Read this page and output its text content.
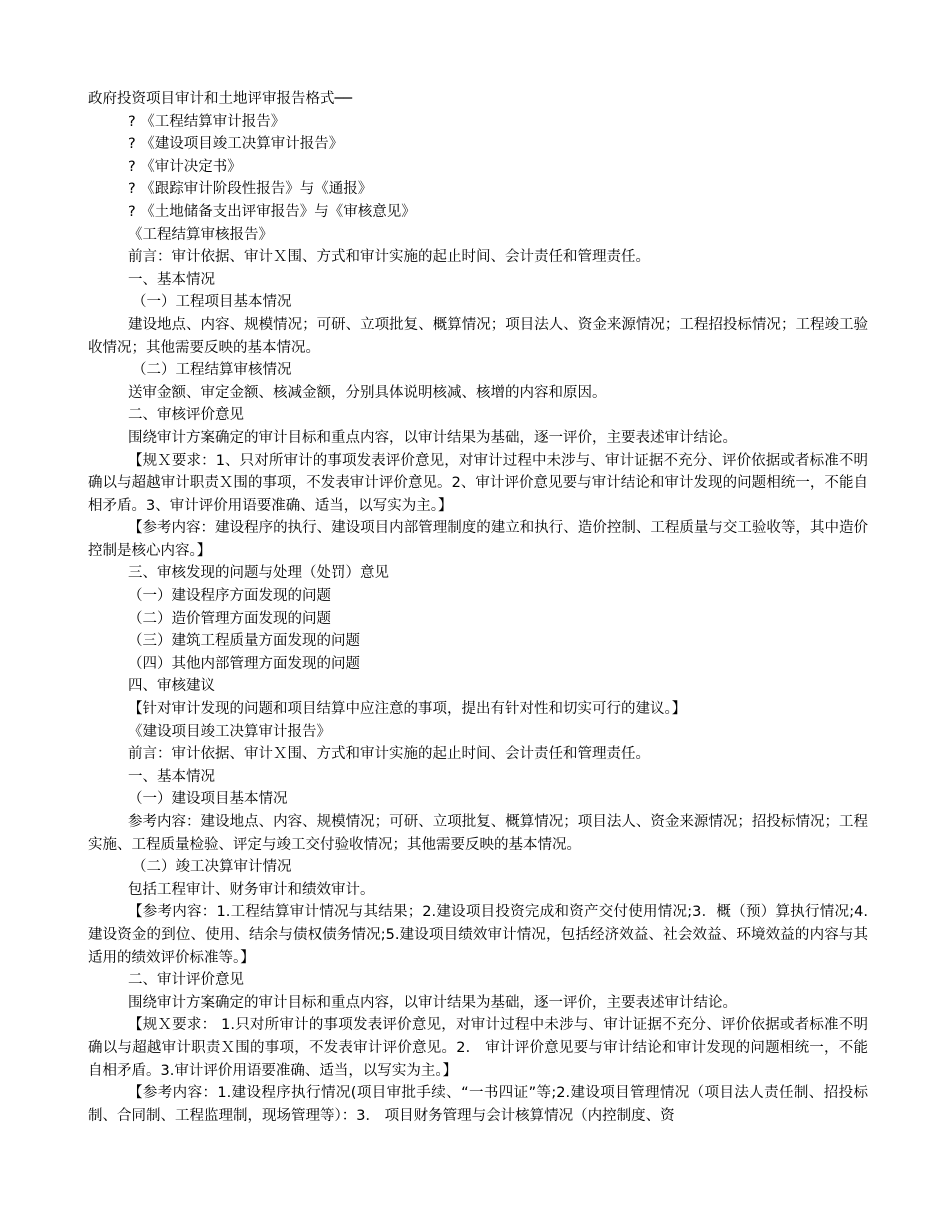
政府投资项目审计和土地评审报告格式──
? 《工程结算审计报告》
? 《建设项目竣工决算审计报告》
? 《审计决定书》
? 《跟踪审计阶段性报告》与《通报》
? 《土地储备支出评审报告》与《审核意见》
《工程结算审核报告》
前言：审计依据、审计Ｘ围、方式和审计实施的起止时间、会计责任和管理责任。
一、基本情况
（一）工程项目基本情况
建设地点、内容、规模情况；可研、立项批复、概算情况；项目法人、资金来源情况；工程招投标情况；工程竣工验收情况；其他需要反映的基本情况。
（二）工程结算审核情况
送审金额、审定金额、核减金额，分别具体说明核减、核增的内容和原因。
二、审核评价意见
围绕审计方案确定的审计目标和重点内容，以审计结果为基础，逐一评价，主要表述审计结论。
【规Ｘ要求：1、只对所审计的事项发表评价意见，对审计过程中未涉与、审计证据不充分、评价依据或者标准不明确以与超越审计职责Ｘ围的事项，不发表审计评价意见。2、审计评价意见要与审计结论和审计发现的问题相统一，不能自相矛盾。3、审计评价用语要准确、适当，以写实为主。】
【参考内容：建设程序的执行、建设项目内部管理制度的建立和执行、造价控制、工程质量与交工验收等，其中造价控制是核心内容。】
三、审核发现的问题与处理（处罚）意见
（一）建设程序方面发现的问题
（二）造价管理方面发现的问题
（三）建筑工程质量方面发现的问题
（四）其他内部管理方面发现的问题
四、审核建议
【针对审计发现的问题和项目结算中应注意的事项，提出有针对性和切实可行的建议。】
《建设项目竣工决算审计报告》
前言：审计依据、审计Ｘ围、方式和审计实施的起止时间、会计责任和管理责任。
一、基本情况
（一）建设项目基本情况
参考内容：建设地点、内容、规模情况；可研、立项批复、概算情况；项目法人、资金来源情况；招投标情况；工程实施、工程质量检验、评定与竣工交付验收情况；其他需要反映的基本情况。
（二）竣工决算审计情况
包括工程审计、财务审计和绩效审计。
【参考内容：1.工程结算审计情况与其结果；2.建设项目投资完成和资产交付使用情况;3．概（预）算执行情况;4.建设资金的到位、使用、结余与债权债务情况;5.建设项目绩效审计情况，包括经济效益、社会效益、环境效益的内容与其适用的绩效评价标准等。】
二、审计评价意见
围绕审计方案确定的审计目标和重点内容，以审计结果为基础，逐一评价，主要表述审计结论。
【规Ｘ要求： 1.只对所审计的事项发表评价意见，对审计过程中未涉与、审计证据不充分、评价依据或者标准不明确以与超越审计职责Ｘ围的事项，不发表审计评价意见。2． 审计评价意见要与审计结论和审计发现的问题相统一，不能自相矛盾。3.审计评价用语要准确、适当，以写实为主。】
【参考内容：1.建设程序执行情况(项目审批手续、“一书四证”等;2.建设项目管理情况（项目法人责任制、招投标制、合同制、工程监理制，现场管理等）：3． 项目财务管理与会计核算情况（内控制度、资
